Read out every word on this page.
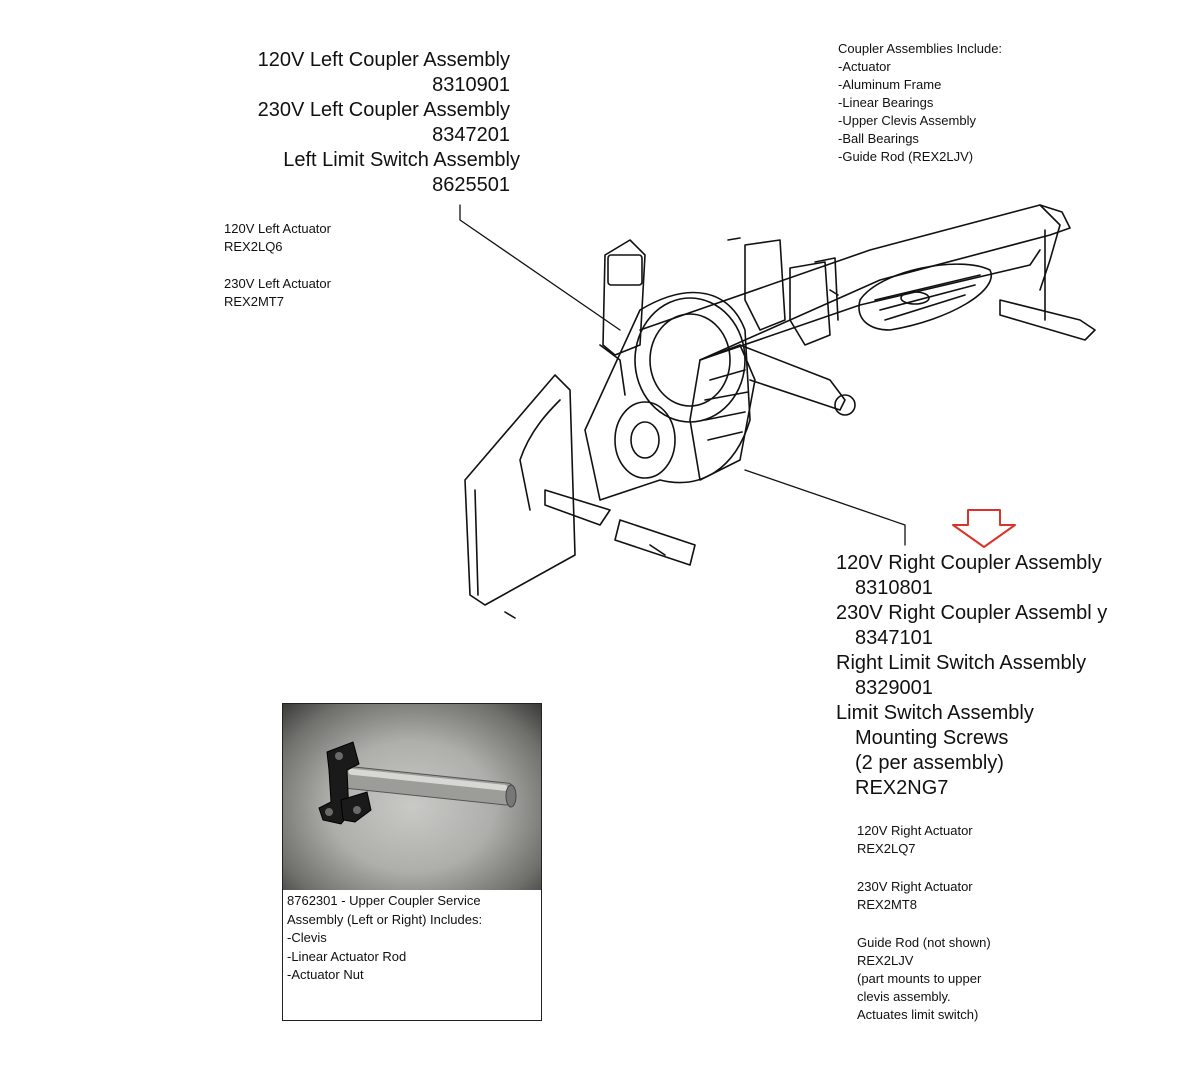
120V Left Coupler Assembly
8310901
230V Left Coupler Assembly
8347201
Left Limit Switch Assembly
8625501
120V Left Actuator
REX2LQ6
230V Left Actuator
REX2MT7
Coupler Assemblies Include:
-Actuator
-Aluminum Frame
-Linear Bearings
-Upper Clevis Assembly
-Ball Bearings
-Guide Rod (REX2LJV)
120V Right Coupler Assembly
8310801
230V Right Coupler Assembl y
8347101
Right Limit Switch Assembly
8329001
Limit Switch Assembly
Mounting Screws
(2 per assembly)
REX2NG7
120V Right Actuator
REX2LQ7
230V Right Actuator
REX2MT8
Guide Rod (not shown)
REX2LJV
(part mounts to upper
clevis assembly.
Actuates limit switch)
8762301 - Upper Coupler Service
Assembly (Left or Right) Includes:
-Clevis
-Linear Actuator Rod
-Actuator Nut
